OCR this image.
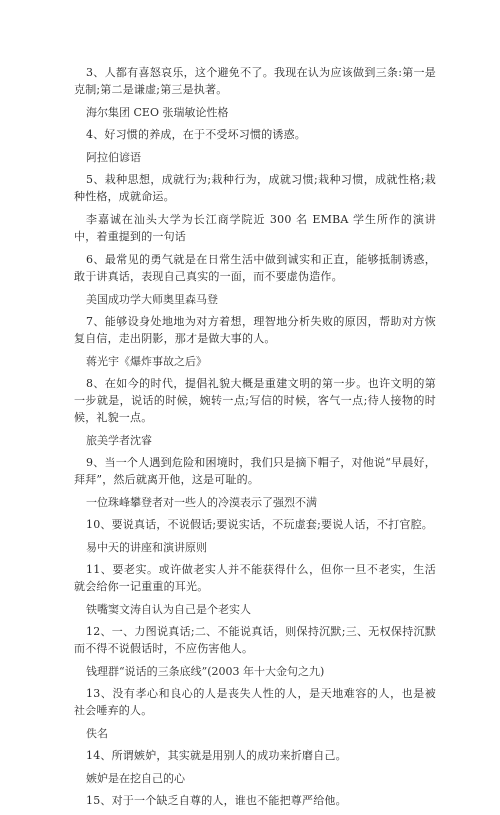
3、人都有喜怒哀乐，这个避免不了。我现在认为应该做到三条:第一是克制;第二是谦虚;第三是执著。

海尔集团 CEO 张瑞敏论性格

4、好习惯的养成，在于不受坏习惯的诱惑。

阿拉伯谚语

5、栽种思想，成就行为;栽种行为，成就习惯;栽种习惯，成就性格;栽种性格，成就命运。

李嘉诚在汕头大学为长江商学院近 300 名 EMBA 学生所作的演讲中，着重提到的一句话

6、最常见的勇气就是在日常生活中做到诚实和正直，能够抵制诱惑，敢于讲真话，表现自己真实的一面，而不要虚伪造作。

美国成功学大师奥里森马登

7、能够设身处地地为对方着想，理智地分析失败的原因，帮助对方恢复自信，走出阴影，那才是做大事的人。

蒋光宇《爆炸事故之后》

8、在如今的时代，提倡礼貌大概是重建文明的第一步。也许文明的第一步就是，说话的时候，婉转一点;写信的时候，客气一点;待人接物的时候，礼貌一点。

旅美学者沈睿

9、当一个人遇到危险和困境时，我们只是摘下帽子，对他说“早晨好，拜拜”，然后就离开他，这是可耻的。

一位珠峰攀登者对一些人的冷漠表示了强烈不满

10、要说真话，不说假话;要说实话，不玩虚套;要说人话，不打官腔。

易中天的讲座和演讲原则

11、要老实。或许做老实人并不能获得什么，但你一旦不老实，生活就会给你一记重重的耳光。

铁嘴窦文涛自认为自己是个老实人

12、一、力图说真话;二、不能说真话，则保持沉默;三、无权保持沉默而不得不说假话时，不应伤害他人。

钱理群“说话的三条底线”(2003 年十大金句之九)

13、没有孝心和良心的人是丧失人性的人，是天地难容的人，也是被社会唾弃的人。

佚名

14、所谓嫉妒，其实就是用别人的成功来折磨自己。

嫉妒是在挖自己的心

15、对于一个缺乏自尊的人，谁也不能把尊严给他。
